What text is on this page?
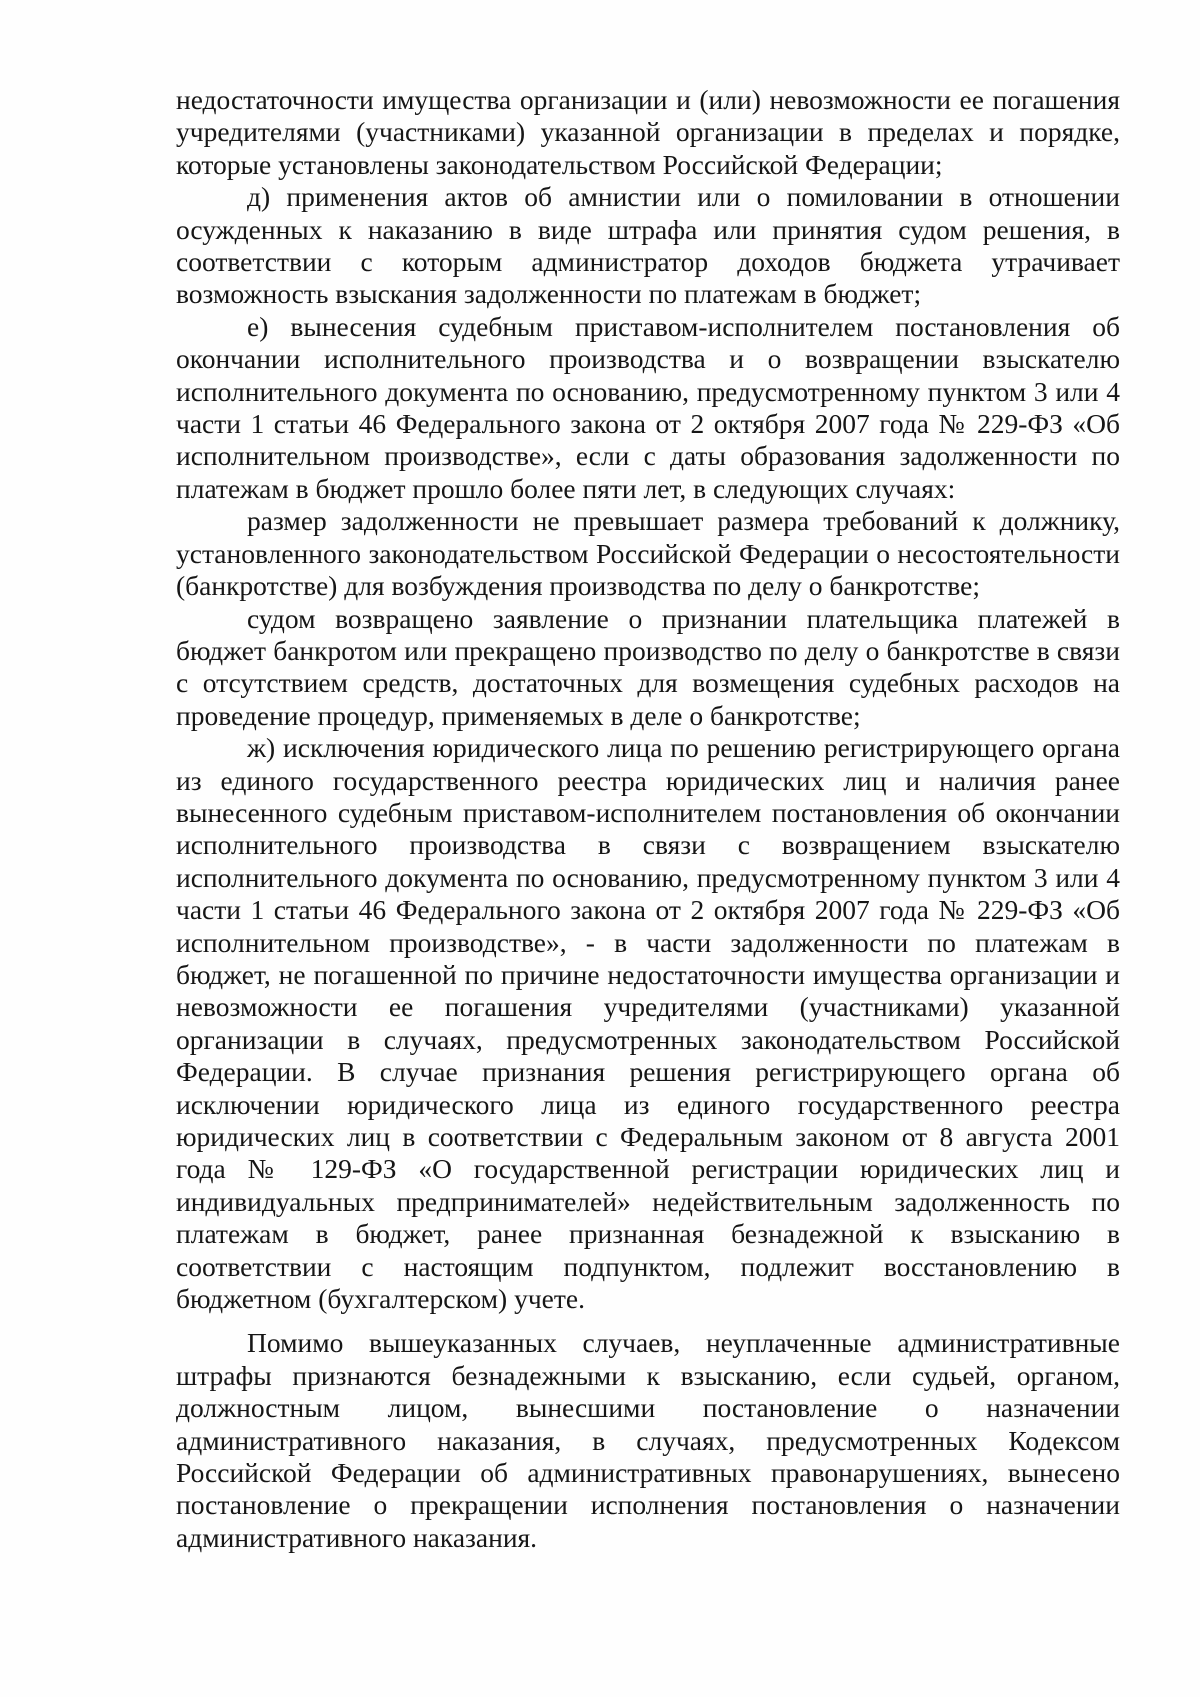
недостаточности имущества организации и (или) невозможности ее погашения учредителями (участниками) указанной организации в пределах и порядке, которые установлены законодательством Российской Федерации;

д) применения актов об амнистии или о помиловании в отношении осужденных к наказанию в виде штрафа или принятия судом решения, в соответствии с которым администратор доходов бюджета утрачивает возможность взыскания задолженности по платежам в бюджет;

е) вынесения судебным приставом-исполнителем постановления об окончании исполнительного производства и о возвращении взыскателю исполнительного документа по основанию, предусмотренному пунктом 3 или 4 части 1 статьи 46 Федерального закона от 2 октября 2007 года № 229-ФЗ «Об исполнительном производстве», если с даты образования задолженности по платежам в бюджет прошло более пяти лет, в следующих случаях:

размер задолженности не превышает размера требований к должнику, установленного законодательством Российской Федерации о несостоятельности (банкротстве) для возбуждения производства по делу о банкротстве;

судом возвращено заявление о признании плательщика платежей в бюджет банкротом или прекращено производство по делу о банкротстве в связи с отсутствием средств, достаточных для возмещения судебных расходов на проведение процедур, применяемых в деле о банкротстве;

ж) исключения юридического лица по решению регистрирующего органа из единого государственного реестра юридических лиц и наличия ранее вынесенного судебным приставом-исполнителем постановления об окончании исполнительного производства в связи с возвращением взыскателю исполнительного документа по основанию, предусмотренному пунктом 3 или 4 части 1 статьи 46 Федерального закона от 2 октября 2007 года № 229-ФЗ «Об исполнительном производстве», - в части задолженности по платежам в бюджет, не погашенной по причине недостаточности имущества организации и невозможности ее погашения учредителями (участниками) указанной организации в случаях, предусмотренных законодательством Российской Федерации. В случае признания решения регистрирующего органа об исключении юридического лица из единого государственного реестра юридических лиц в соответствии с Федеральным законом от 8 августа 2001 года № 129-ФЗ «О государственной регистрации юридических лиц и индивидуальных предпринимателей» недействительным задолженность по платежам в бюджет, ранее признанная безнадежной к взысканию в соответствии с настоящим подпунктом, подлежит восстановлению в бюджетном (бухгалтерском) учете.

Помимо вышеуказанных случаев, неуплаченные административные штрафы признаются безнадежными к взысканию, если судьей, органом, должностным лицом, вынесшими постановление о назначении административного наказания, в случаях, предусмотренных Кодексом Российской Федерации об административных правонарушениях, вынесено постановление о прекращении исполнения постановления о назначении административного наказания.
